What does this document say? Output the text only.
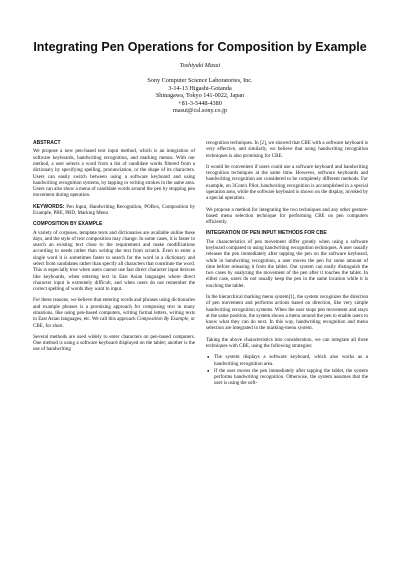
Integrating Pen Operations for Composition by Example
Toshiyuki Masui
Sony Computer Science Laboratories, Inc.
3-14-13 Higashi-Gotanda
Shinagawa, Tokyo 141-0022, Japan
+81-3-5448-4380
masui@csl.sony.co.jp
ABSTRACT

We propose a new pen-based text input method, which is an integration of software keyboards, handwriting recognition, and marking menus. With our method, a user selects a word from a list of candidate words filtered from a dictionary by specifying spelling, pronunciation, or the shape of its characters. Users can easily switch between using a software keyboard and using handwriting recognition systems, by tapping or writing strokes in the same area. Users can also show a menu of candidate words around the pen by stopping pen movement during operation.

KEYWORDS: Pen Input, Handwriting Recognition, POBox, Composition by Example, PBE, PBD, Marking Menu

COMPOSITION BY EXAMPLE

A variety of corpuses, template texts and dictionaries are available online these days, and the style of text composition may change. In some cases, it is faster to search an existing text close to the requirement and make modifications according to needs rather than writing the text from scratch. Even to enter a single word it is sometimes faster to search for the word in a dictionary and select from candidates rather than specify all characters that constitute the word. This is especially true when users cannot use fast direct character input devices like keyboards, when entering text in East Asian languages where direct character input is extremely difficult, and when users do not remember the correct spelling of words they want to input.

For these reasons, we believe that entering words and phrases using dictionaries and example phrases is a promising approach for composing text in many situations, like using pen-based computers, writing formal letters, writing texts in East Asian languages, etc. We call this approach Composition By Example, or CBE, for short.

Several methods are used widely to enter characters on pen-based computers. One method is using a software keyboard displayed on the tablet; another is the use of handwriting

recognition techniques. In [2], we showed that CBE with a software keyboard is very effective, and similarly, we believe that using handwriting recognition techniques is also promising for CBE.

It would be convenient if users could use a software keyboard and handwriting recognition techniques at the same time. However, software keyboards and handwriting recognition are considered to be completely different methods. For example, on 3Com's Pilot, handwriting recognition is accomplished in a special operation area, while the software keyboard is shown on the display, invoked by a special operation.

We propose a method for integrating the two techniques and any other gesture-based menu selection technique for performing CBE on pen computers efficiently.

INTEGRATION OF PEN INPUT METHODS FOR CBE

The characteristics of pen movement differ greatly when using a software keyboard compared to using handwriting recognition techniques. A user usually releases the pen immediately after tapping the pen on the software keyboard, while in handwriting recognition, a user moves the pen for some amount of time before releasing it from the tablet. Our system can easily distinguish the two cases by analyzing the movement of the pen after it touches the tablet. In either case, users do not usually keep the pen in the same location while it is touching the tablet.

In the hierarchical marking menu system[1], the system recognizes the direction of pen movement and performs actions based on direction, like very simple handwriting recognition systems. When the user stops pen movement and stays at the same position, the system shows a menu around the pen to enable users to know what they can do next. In this way, handwriting recognition and menu selection are integrated in the marking-menu system.

Taking the above characteristics into consideration, we can integrate all three techniques with CBE, using the following strategies:

● The system displays a software keyboard, which also works as a handwriting recognition area.
● If the user moves the pen immediately after tapping the tablet, the system performs handwriting recognition. Otherwise, the system assumes that the user is using the soft-
